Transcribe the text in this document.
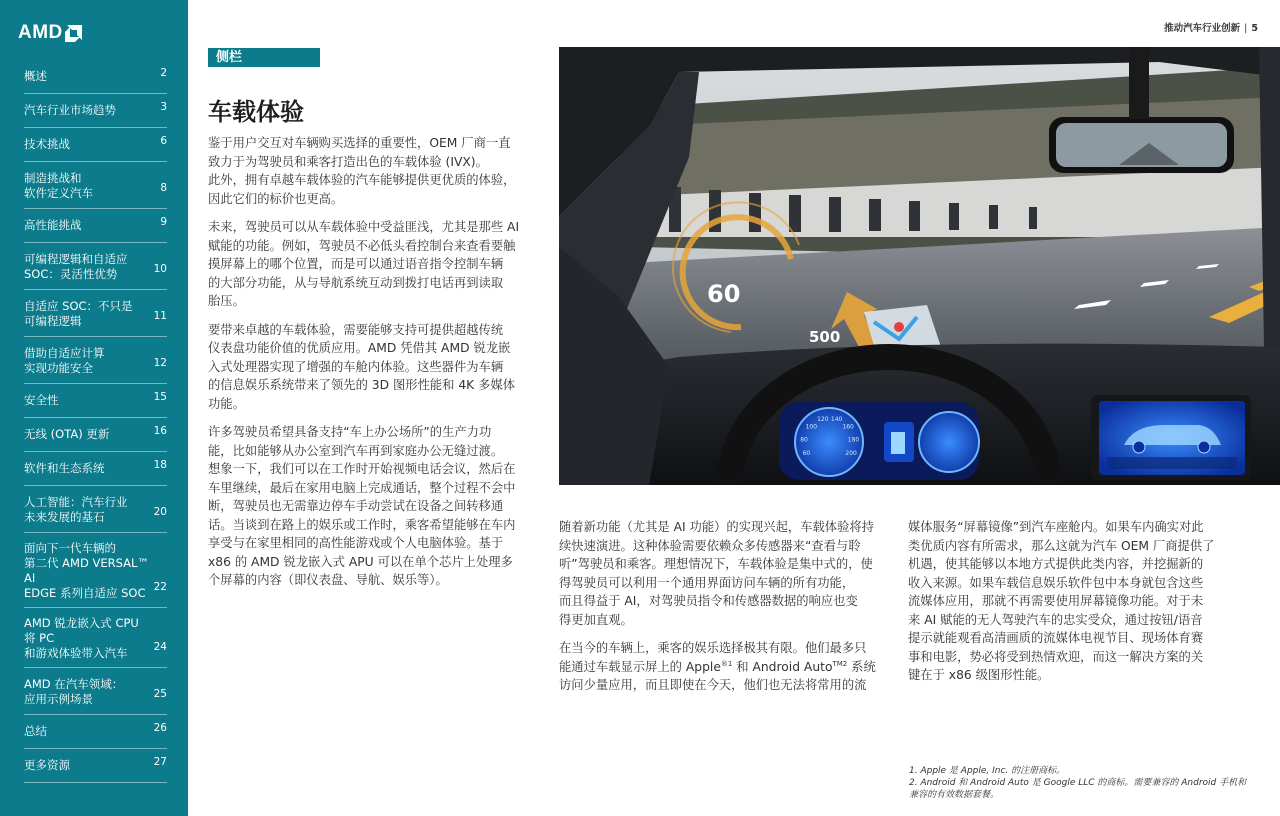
AMD
概述	2
汽车行业市场趋势	3
技术挑战	6
制造挑战和
软件定义汽车	8
高性能挑战	9
可编程逻辑和自适应
SOC：灵活性优势	10
自适应 SOC：不只是
可编程逻辑	11
借助自适应计算
实现功能安全	12
安全性	15
无线 (OTA) 更新	16
软件和生态系统	18
人工智能：汽车行业
未来发展的基石	20
面向下一代车辆的
第二代 AMD VERSAL™ AI
EDGE 系列自适应 SOC 22
AMD 锐龙嵌入式 CPU 将 PC
和游戏体验带入汽车	24
AMD 在汽车领域：
应用示例场景	25
总结	26
更多资源	27
推动汽车行业创新 | 5
侧栏
车载体验

鉴于用户交互对车辆购买选择的重要性，OEM 厂商一直
致力于为驾驶员和乘客打造出色的车载体验 (IVX)。
此外，拥有卓越车载体验的汽车能够提供更优质的体验，
因此它们的标价也更高。

未来，驾驶员可以从车载体验中受益匪浅，尤其是那些 AI
赋能的功能。例如，驾驶员不必低头看控制台来查看要触
摸屏幕上的哪个位置，而是可以通过语音指令控制车辆
的大部分功能，从与导航系统互动到拨打电话再到读取
胎压。

要带来卓越的车载体验，需要能够支持可提供超越传统
仪表盘功能价值的优质应用。AMD 凭借其 AMD 锐龙嵌
入式处理器实现了增强的车舱内体验。这些器件为车辆
的信息娱乐系统带来了领先的 3D 图形性能和 4K 多媒体
功能。

许多驾驶员希望具备支持“车上办公场所”的生产力功
能，比如能够从办公室到汽车再到家庭办公无缝过渡。
想象一下，我们可以在工作时开始视频电话会议，然后在
车里继续，最后在家用电脑上完成通话，整个过程不会中
断，驾驶员也无需靠边停车手动尝试在设备之间转移通
话。当谈到在路上的娱乐或工作时，乘客希望能够在车内
享受与在家里相同的高性能游戏或个人电脑体验。基于
x86 的 AMD 锐龙嵌入式 APU 可以在单个芯片上处理多
个屏幕的内容（即仪表盘、导航、娱乐等）。

60
500
60
80
100
120 140
160
180
200

随着新功能（尤其是 AI 功能）的实现兴起，车载体验将持
续快速演进。这种体验需要依赖众多传感器来“查看与聆
听”驾驶员和乘客。理想情况下，车载体验是集中式的，使
得驾驶员可以利用一个通用界面访问车辆的所有功能，
而且得益于 AI，对驾驶员指令和传感器数据的响应也变
得更加直观。

在当今的车辆上，乘客的娱乐选择极其有限。他们最多只
能通过车载显示屏上的 Apple$^{®1}$ 和 Android Auto$^{TM2}$ 系统
访问少量应用，而且即使在今天，他们也无法将常用的流

媒体服务“屏幕镜像”到汽车座舱内。如果车内确实对此
类优质内容有所需求，那么这就为汽车 OEM 厂商提供了
机遇，使其能够以本地方式提供此类内容，并挖掘新的
收入来源。如果车载信息娱乐软件包中本身就包含这些
流媒体应用，那就不再需要使用屏幕镜像功能。对于未
来 AI 赋能的无人驾驶汽车的忠实受众，通过按钮/语音
提示就能观看高清画质的流媒体电视节目、现场体育赛
事和电影，势必将受到热情欢迎，而这一解决方案的关
键在于 x86 级图形性能。
1. Apple 是 Apple, Inc. 的注册商标。
2. Android 和 Android Auto 是 Google LLC 的商标。需要兼容的 Android 手机和
兼容的有效数据套餐。
